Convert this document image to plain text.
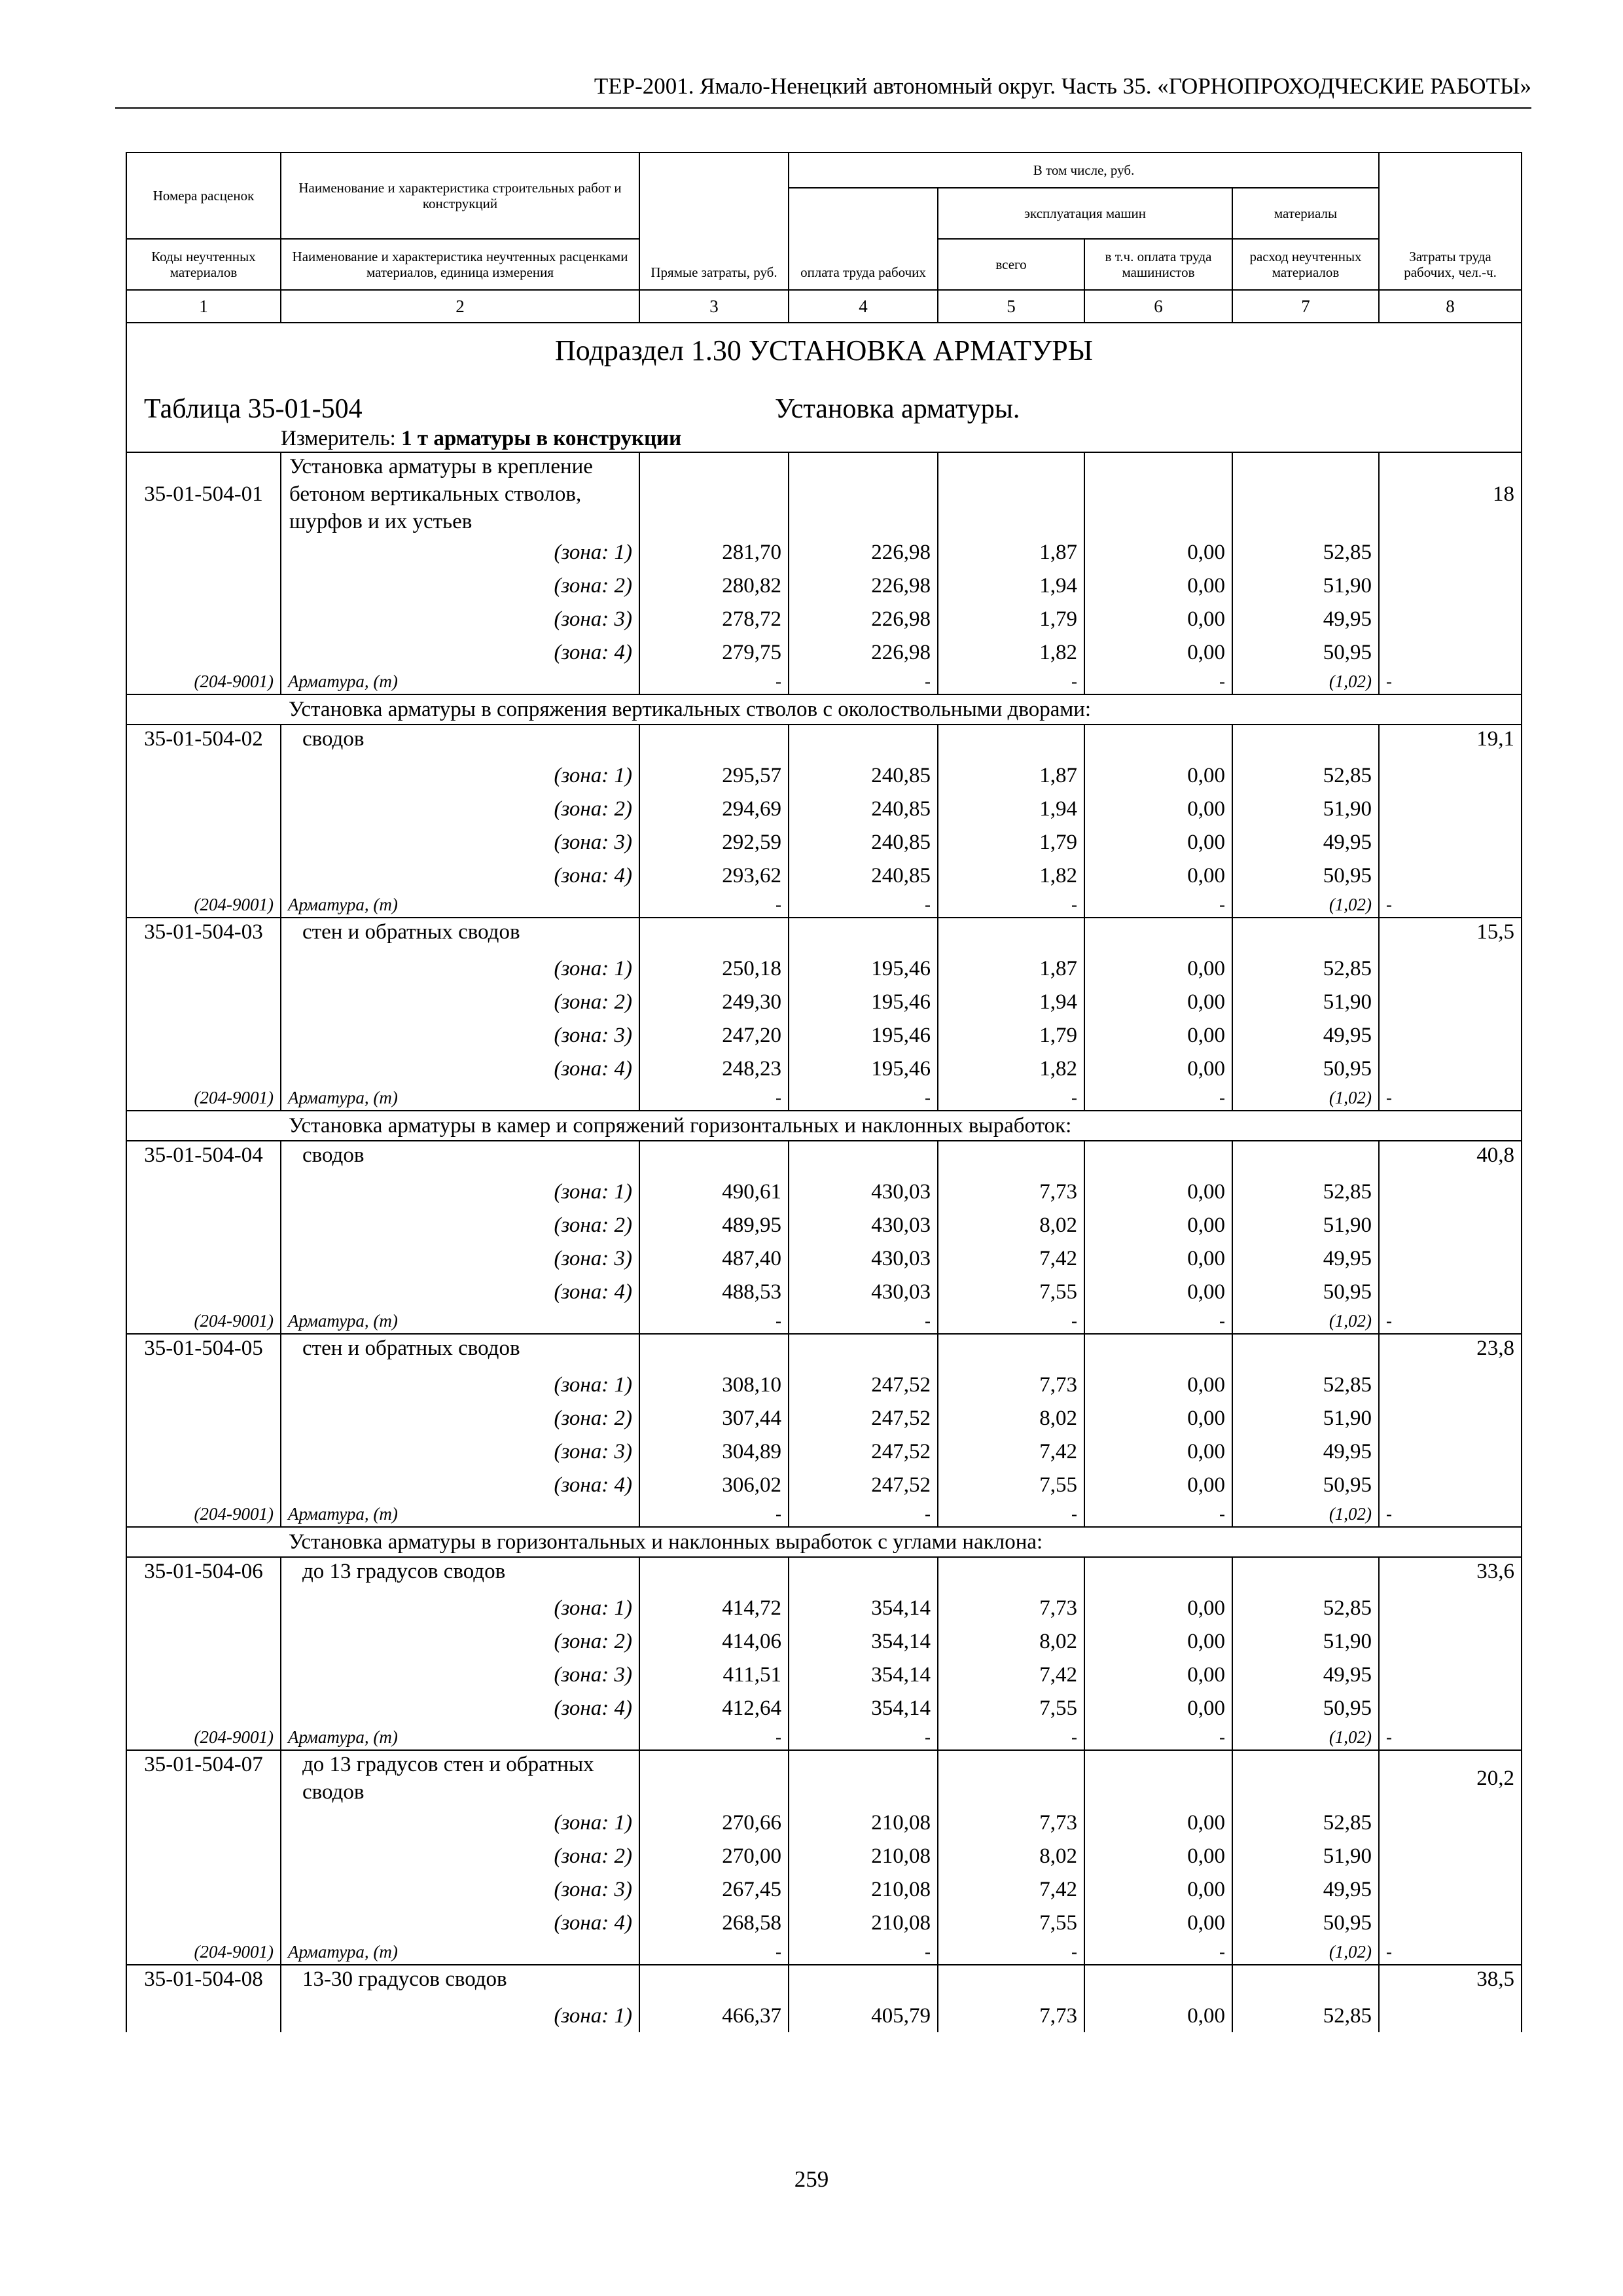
ТЕР-2001. Ямало-Ненецкий автономный округ. Часть 35. «ГОРНОПРОХОДЧЕСКИЕ РАБОТЫ»
Номера расценок	Наименование и характеристика строительных работ и конструкций	Прямые затраты, руб.	В том числе, руб.				Затраты труда рабочих, чел.-ч.
			оплата труда рабочих	эксплуатация машин		материалы	
Коды неучтенных материалов	Наименование и характеристика неучтенных расценками материалов, единица измерения			всего	в т.ч. оплата труда машинистов	расход неучтенных материалов	
1	2	3	4	5	6	7	8
Подраздел 1.30 УСТАНОВКА АРМАТУРЫ							
Таблица 35-01-504 Установка арматуры.							

	Измеритель: 1 т арматуры в конструкции						
35-01-504-01	Установка арматуры в крепление бетоном вертикальных стволов, шурфов и их устьев						18
	(зона: 1)	281,70	226,98	1,87	0,00	52,85	
	(зона: 2)	280,82	226,98	1,94	0,00	51,90	
	(зона: 3)	278,72	226,98	1,79	0,00	49,95	
	(зона: 4)	279,75	226,98	1,82	0,00	50,95	
(204-9001)	Арматура, (т)	-	-	-	-	(1,02)	-
	Установка арматуры в сопряжения вертикальных стволов с околоствольными дворами:						
35-01-504-02	сводов						19,1
	(зона: 1)	295,57	240,85	1,87	0,00	52,85	
	(зона: 2)	294,69	240,85	1,94	0,00	51,90	
	(зона: 3)	292,59	240,85	1,79	0,00	49,95	
	(зона: 4)	293,62	240,85	1,82	0,00	50,95	
(204-9001)	Арматура, (т)	-	-	-	-	(1,02)	-
35-01-504-03	стен и обратных сводов						15,5
	(зона: 1)	250,18	195,46	1,87	0,00	52,85	
	(зона: 2)	249,30	195,46	1,94	0,00	51,90	
	(зона: 3)	247,20	195,46	1,79	0,00	49,95	
	(зона: 4)	248,23	195,46	1,82	0,00	50,95	
(204-9001)	Арматура, (т)	-	-	-	-	(1,02)	-
	Установка арматуры в камер и сопряжений горизонтальных и наклонных выработок:						
35-01-504-04	сводов						40,8
	(зона: 1)	490,61	430,03	7,73	0,00	52,85	
	(зона: 2)	489,95	430,03	8,02	0,00	51,90	
	(зона: 3)	487,40	430,03	7,42	0,00	49,95	
	(зона: 4)	488,53	430,03	7,55	0,00	50,95	
(204-9001)	Арматура, (т)	-	-	-	-	(1,02)	-
35-01-504-05	стен и обратных сводов						23,8
	(зона: 1)	308,10	247,52	7,73	0,00	52,85	
	(зона: 2)	307,44	247,52	8,02	0,00	51,90	
	(зона: 3)	304,89	247,52	7,42	0,00	49,95	
	(зона: 4)	306,02	247,52	7,55	0,00	50,95	
(204-9001)	Арматура, (т)	-	-	-	-	(1,02)	-
	Установка арматуры в горизонтальных и наклонных выработок с углами наклона:						
35-01-504-06	до 13 градусов сводов						33,6
	(зона: 1)	414,72	354,14	7,73	0,00	52,85	
	(зона: 2)	414,06	354,14	8,02	0,00	51,90	
	(зона: 3)	411,51	354,14	7,42	0,00	49,95	
	(зона: 4)	412,64	354,14	7,55	0,00	50,95	
(204-9001)	Арматура, (т)	-	-	-	-	(1,02)	-
35-01-504-07	до 13 градусов стен и обратных сводов						20,2
	(зона: 1)	270,66	210,08	7,73	0,00	52,85	
	(зона: 2)	270,00	210,08	8,02	0,00	51,90	
	(зона: 3)	267,45	210,08	7,42	0,00	49,95	
	(зона: 4)	268,58	210,08	7,55	0,00	50,95	
(204-9001)	Арматура, (т)	-	-	-	-	(1,02)	-
35-01-504-08	13-30 градусов сводов						38,5
	(зона: 1)	466,37	405,79	7,73	0,00	52,85	
259
